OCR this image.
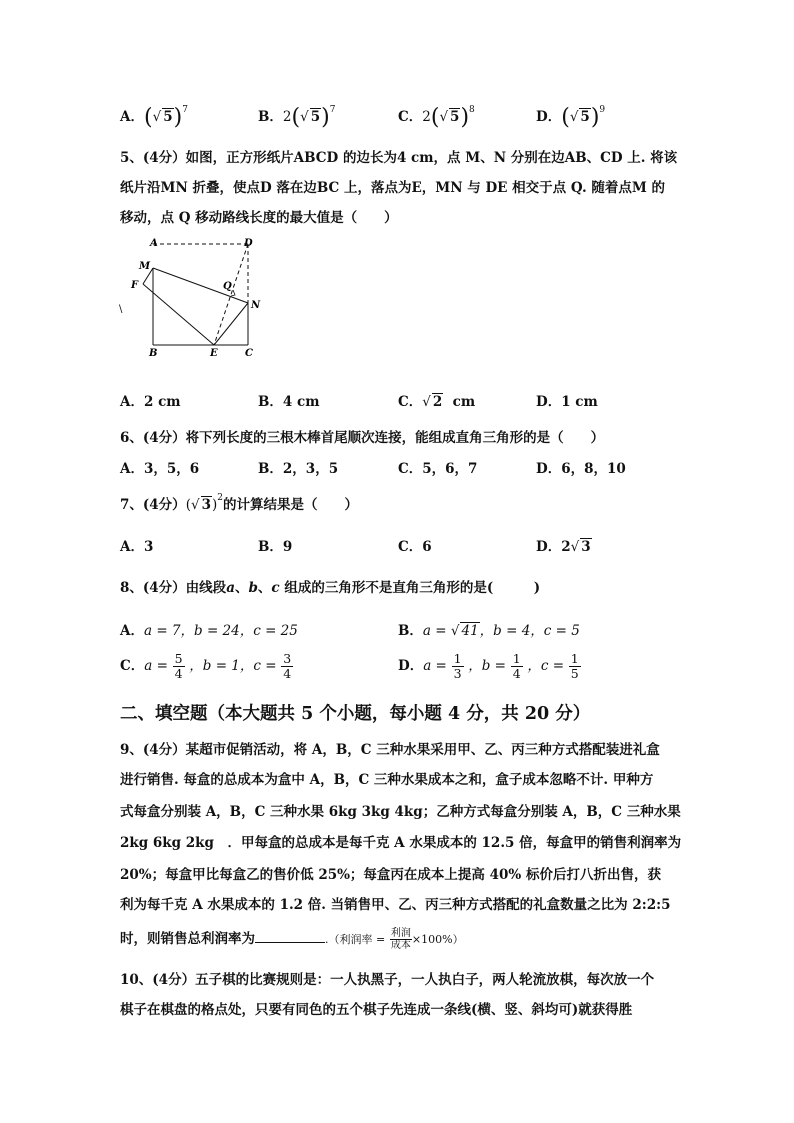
A．(√ 5)$^7$	B．2(√ 5)$^7$	C．2(√ 5)$^8$	D．(√ 5)$^9$
5、(4分）如图，正方形纸片ABCD 的边长为4 cm，点 M、N 分别在边AB、CD 上. 将该
纸片沿MN 折叠，使点D 落在边BC 上，落点为E，MN 与 DE 相交于点 Q. 随着点M 的
移动，点 Q 移动路线长度的最大值是（　　）
A	D
M
F	Q
N
B	E	C
\
A．2 cm	B．4 cm	C．√ 2 cm	D．1 cm
6、(4分）将下列长度的三根木棒首尾顺次连接，能组成直角三角形的是（　　）
A．3，5，6	B．2，3，5	C．5，6，7	D．6，8，10
7、(4分）(√ 3)$^2$的计算结果是（　　）
A．3	B．9	C．6	D．2√ 3
8、(4分）由线段a、b、c 组成的三角形不是直角三角形的是(　　　)
A．a = 7，b = 24，c = 25	B．a = √ 41，b = 4，c = 5
C．$a = \frac{5}{4}$ ，b = 1，$c = \frac{3}{4}$	D．$a = \frac{1}{3}$ ，$b = \frac{1}{4}$ ，$c = \frac{1}{5}$
二、填空题（本大题共 5 个小题，每小题 4 分，共 20 分）
9、(4分）某超市促销活动，将 A，B，C 三种水果采用甲、乙、丙三种方式搭配装进礼盒
进行销售. 每盒的总成本为盒中 A，B，C 三种水果成本之和，盒子成本忽略不计. 甲种方
式每盒分别装 A，B，C 三种水果 6kg 3kg 4kg；乙种方式每盒分别装 A，B，C 三种水果
2kg 6kg 2kg　．甲每盒的总成本是每千克 A 水果成本的 12.5 倍，每盒甲的销售利润率为
20%；每盒甲比每盒乙的售价低 25%；每盒丙在成本上提高 40% 标价后打八折出售，获
利为每千克 A 水果成本的 1.2 倍. 当销售甲、乙、丙三种方式搭配的礼盒数量之比为 2:2:5
时，则销售总利润率为	.（利润率 = $\frac{\text{利润}}{\text{成本}} \times 100\%$）
10、(4分）五子棋的比赛规则是：一人执黑子，一人执白子，两人轮流放棋，每次放一个
棋子在棋盘的格点处，只要有同色的五个棋子先连成一条线(横、竖、斜均可)就获得胜
